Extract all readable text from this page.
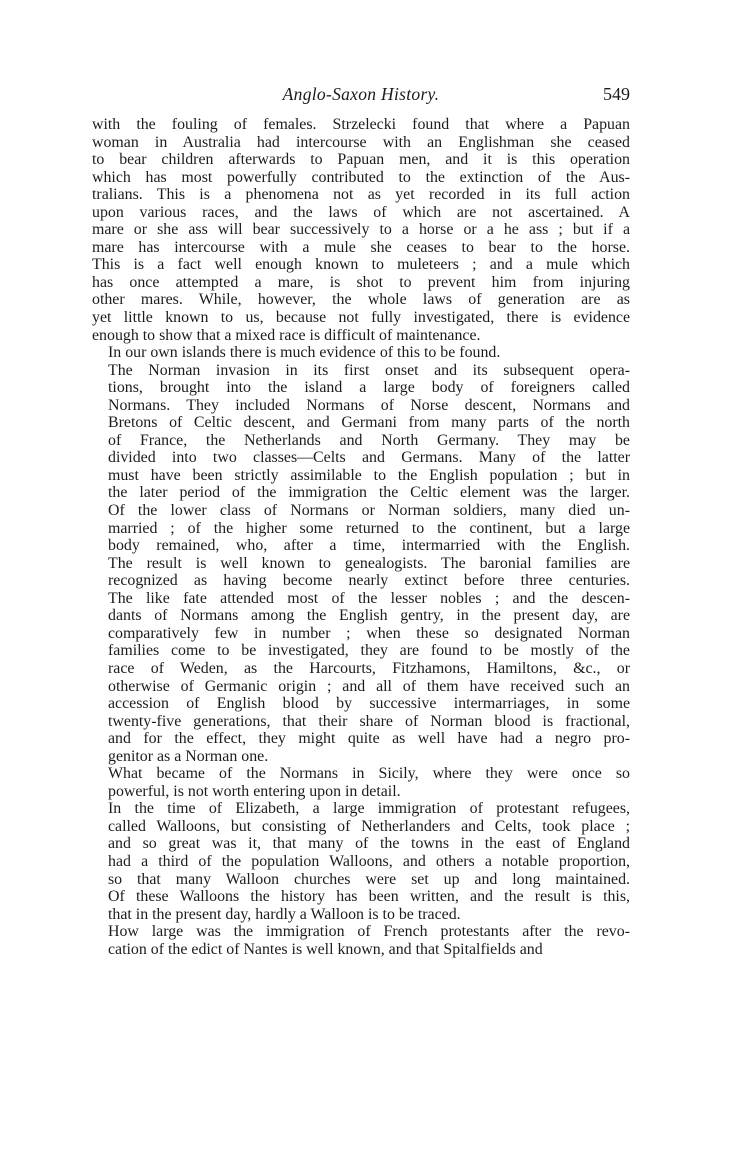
Anglo-Saxon History.	549

with the fouling of females. Strzelecki found that where a Papuan
woman in Australia had intercourse with an Englishman she ceased
to bear children afterwards to Papuan men, and it is this operation
which has most powerfully contributed to the extinction of the Aus-
tralians. This is a phenomena not as yet recorded in its full action
upon various races, and the laws of which are not ascertained. A
mare or she ass will bear successively to a horse or a he ass ; but if a
mare has intercourse with a mule she ceases to bear to the horse.
This is a fact well enough known to muleteers ; and a mule which
has once attempted a mare, is shot to prevent him from injuring
other mares. While, however, the whole laws of generation are as
yet little known to us, because not fully investigated, there is evidence
enough to show that a mixed race is difficult of maintenance.

In our own islands there is much evidence of this to be found.

The Norman invasion in its first onset and its subsequent opera-
tions, brought into the island a large body of foreigners called
Normans. They included Normans of Norse descent, Normans and
Bretons of Celtic descent, and Germani from many parts of the north
of France, the Netherlands and North Germany. They may be
divided into two classes—Celts and Germans. Many of the latter
must have been strictly assimilable to the English population ; but in
the later period of the immigration the Celtic element was the larger.
Of the lower class of Normans or Norman soldiers, many died un-
married ; of the higher some returned to the continent, but a large
body remained, who, after a time, intermarried with the English.
The result is well known to genealogists. The baronial families are
recognized as having become nearly extinct before three centuries.
The like fate attended most of the lesser nobles ; and the descen-
dants of Normans among the English gentry, in the present day, are
comparatively few in number ; when these so designated Norman
families come to be investigated, they are found to be mostly of the
race of Weden, as the Harcourts, Fitzhamons, Hamiltons, &c., or
otherwise of Germanic origin ; and all of them have received such an
accession of English blood by successive intermarriages, in some
twenty-five generations, that their share of Norman blood is fractional,
and for the effect, they might quite as well have had a negro pro-
genitor as a Norman one.

What became of the Normans in Sicily, where they were once so
powerful, is not worth entering upon in detail.

In the time of Elizabeth, a large immigration of protestant refugees,
called Walloons, but consisting of Netherlanders and Celts, took place ;
and so great was it, that many of the towns in the east of England
had a third of the population Walloons, and others a notable proportion,
so that many Walloon churches were set up and long maintained.
Of these Walloons the history has been written, and the result is this,
that in the present day, hardly a Walloon is to be traced.

How large was the immigration of French protestants after the revo-
cation of the edict of Nantes is well known, and that Spitalfields and
